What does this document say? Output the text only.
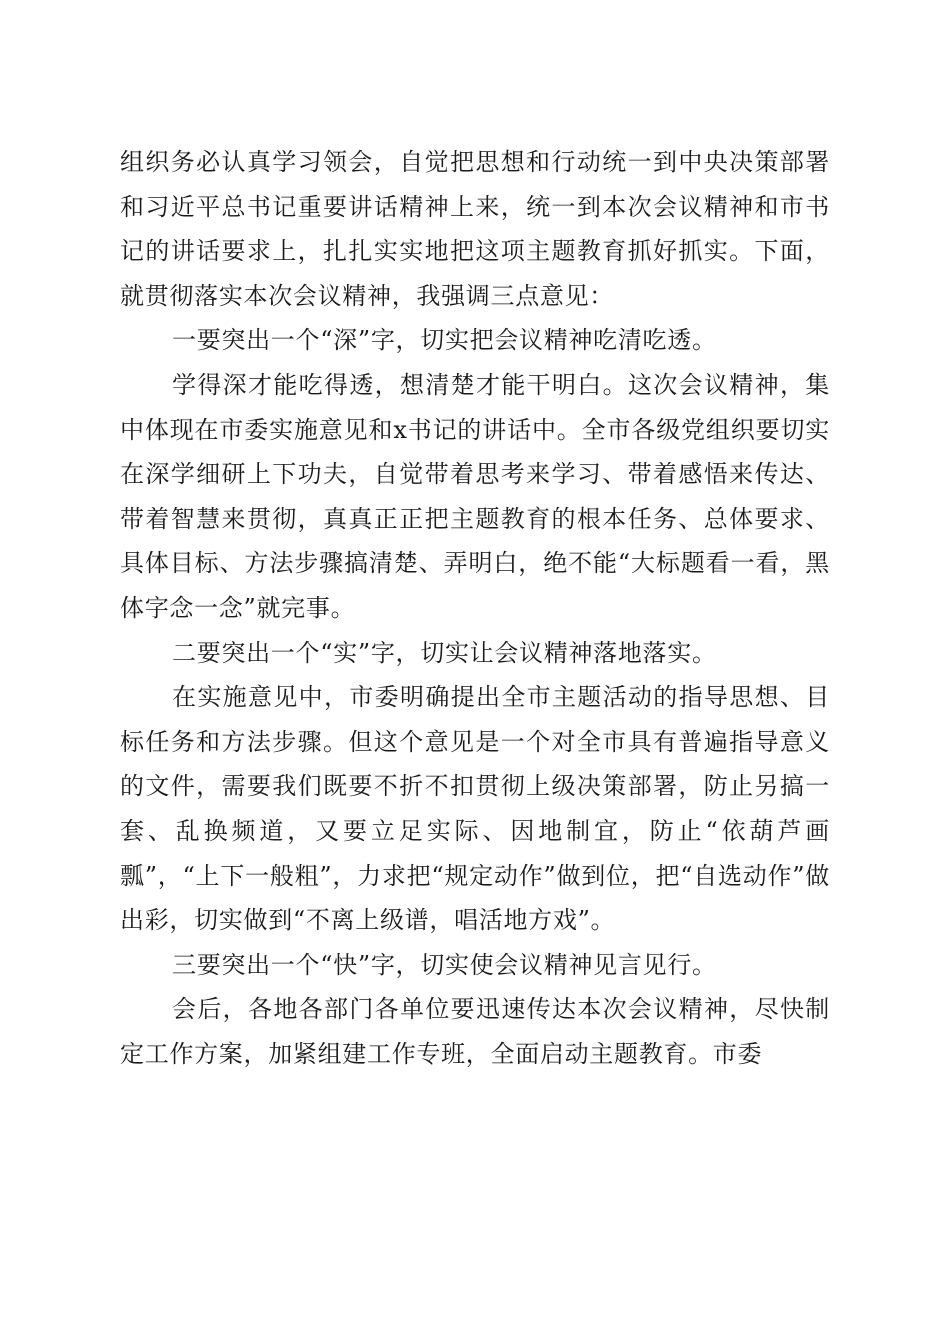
组织务必认真学习领会，自觉把思想和行动统一到中央决策部署和习近平总书记重要讲话精神上来，统一到本次会议精神和市书记的讲话要求上，扎扎实实地把这项主题教育抓好抓实。下面，就贯彻落实本次会议精神，我强调三点意见：

一要突出一个“深”字，切实把会议精神吃清吃透。

学得深才能吃得透，想清楚才能干明白。这次会议精神，集中体现在市委实施意见和x书记的讲话中。全市各级党组织要切实在深学细研上下功夫，自觉带着思考来学习、带着感悟来传达、带着智慧来贯彻，真真正正把主题教育的根本任务、总体要求、具体目标、方法步骤搞清楚、弄明白，绝不能“大标题看一看，黑体字念一念”就完事。

二要突出一个“实”字，切实让会议精神落地落实。

在实施意见中，市委明确提出全市主题活动的指导思想、目标任务和方法步骤。但这个意见是一个对全市具有普遍指导意义的文件，需要我们既要不折不扣贯彻上级决策部署，防止另搞一套、乱换频道，又要立足实际、因地制宜，防止“依葫芦画瓢”，“上下一般粗”，力求把“规定动作”做到位，把“自选动作”做出彩，切实做到“不离上级谱，唱活地方戏”。

三要突出一个“快”字，切实使会议精神见言见行。

会后，各地各部门各单位要迅速传达本次会议精神，尽快制定工作方案，加紧组建工作专班，全面启动主题教育。市委
